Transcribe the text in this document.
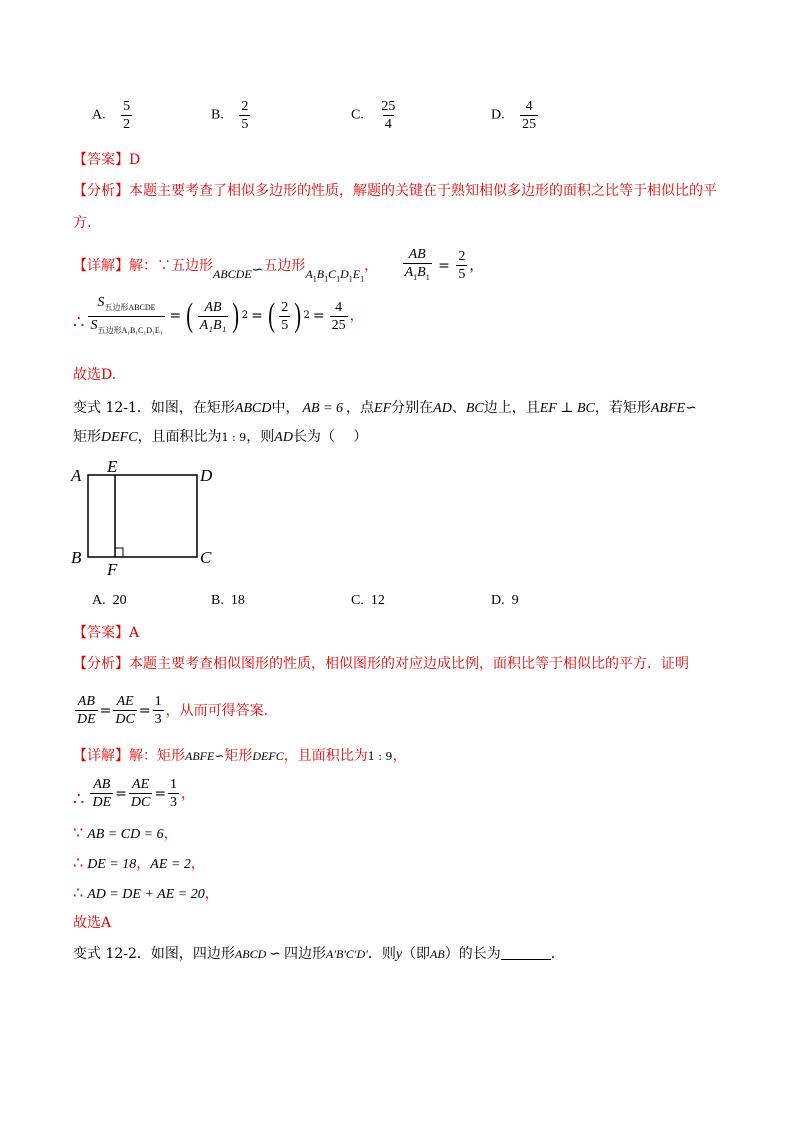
A. $\frac{5}{2}$	B. $\frac{2}{5}$	C. $\frac{25}{4}$	D. $\frac{4}{25}$
【答案】D
【分析】本题主要考查了相似多边形的性质，解题的关键在于熟知相似多边形的面积之比等于相似比的平
方.
【详解】解：∵五边形ABCDE∽五边形$A_1B_1C_1D_1E_1$， $\frac{AB}{A_1B_1} = \frac{2}{5}$ ，
∴ $\frac{S_{五边形ABCDE}}{S_{五边形A_1B_1C_1D_1E_1}}$ = ( $\frac{AB}{\text{A₁B₁}}$ ) 2 = ( $\frac{2}{5}$ ) $2 = \frac{4}{25}$ ，
故选D.
变式 12-1．如图，在矩形ABCD中， AB = 6 ，点EF分别在AD、BC边上，且EF ⊥ BC，若矩形ABFE∽
矩形DEFC，且面积比为1 : 9，则AD长为（　 ）
A E	D
B
F
C
A. 20	B. 18	C. 12	D. 9
【答案】A
【分析】本题主要考查相似图形的性质，相似图形的对应边成比例，面积比等于相似比的平方．证明
$\frac{AB}{DE} = \frac{AE}{DC} = \frac{1}{3}$ ，从而可得答案.
【详解】解：矩形ABFE∽矩形DEFC，且面积比为1 : 9，
∴ $\frac{AB}{DE} = \frac{AE}{DC} = \frac{1}{3}$ ，
∵ AB = CD = 6，
∴ DE = 18，AE = 2，
∴ AD = DE + AE = 20，
故选A
变式 12-2．如图，四边形ABCD ∽ 四边形A′B′C′D′．则y（即AB）的长为	．
